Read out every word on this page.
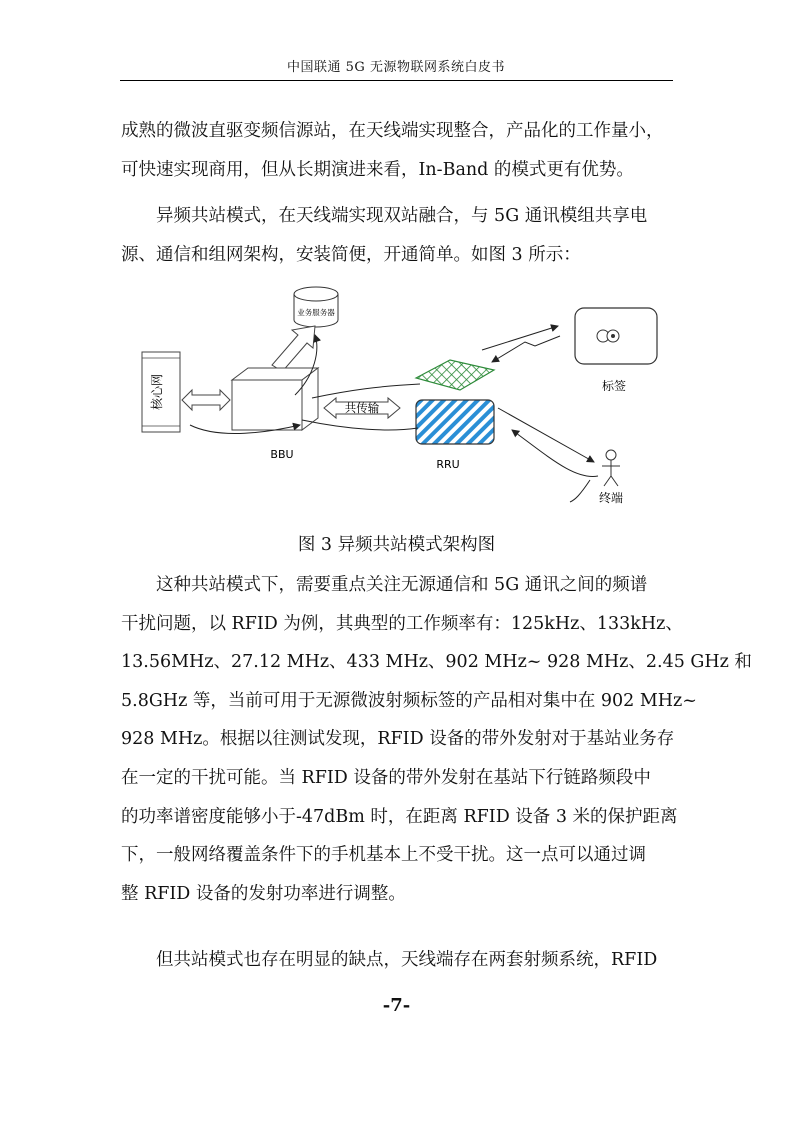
中国联通 5G 无源物联网系统白皮书
成熟的微波直驱变频信源站，在天线端实现整合，产品化的工作量小，
可快速实现商用，但从长期演进来看，In-Band 的模式更有优势。
异频共站模式，在天线端实现双站融合，与 5G 通讯模组共享电
源、通信和组网架构，安装简便，开通简单。如图 3 所示：
业务服务器
核心网
BBU
共传输
RRU
标签
终端
图 3 异频共站模式架构图
这种共站模式下，需要重点关注无源通信和 5G 通讯之间的频谱
干扰问题，以 RFID 为例，其典型的工作频率有：125kHz、133kHz、
13.56MHz、27.12 MHz、433 MHz、902 MHz~ 928 MHz、2.45 GHz 和
5.8GHz 等，当前可用于无源微波射频标签的产品相对集中在 902 MHz~
928 MHz。根据以往测试发现，RFID 设备的带外发射对于基站业务存
在一定的干扰可能。当 RFID 设备的带外发射在基站下行链路频段中
的功率谱密度能够小于-47dBm 时，在距离 RFID 设备 3 米的保护距离
下，一般网络覆盖条件下的手机基本上不受干扰。这一点可以通过调
整 RFID 设备的发射功率进行调整。
但共站模式也存在明显的缺点，天线端存在两套射频系统，RFID
-7-
